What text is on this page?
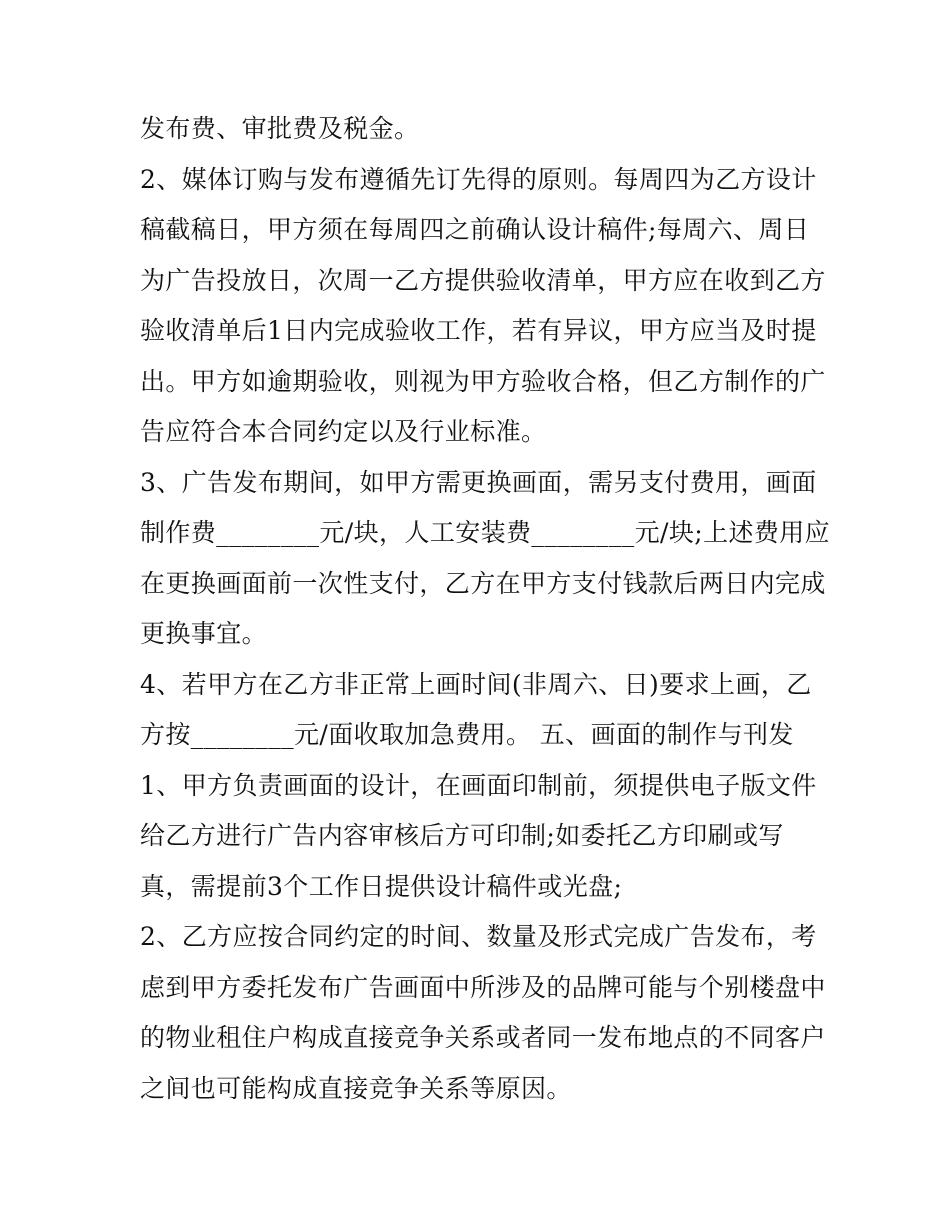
发布费、审批费及税金。
2、媒体订购与发布遵循先订先得的原则。每周四为乙方设计
稿截稿日，甲方须在每周四之前确认设计稿件;每周六、周日
为广告投放日，次周一乙方提供验收清单，甲方应在收到乙方
验收清单后1日内完成验收工作，若有异议，甲方应当及时提
出。甲方如逾期验收，则视为甲方验收合格，但乙方制作的广
告应符合本合同约定以及行业标准。
3、广告发布期间，如甲方需更换画面，需另支付费用，画面
制作费________元/块，人工安装费________元/块;上述费用应
在更换画面前一次性支付，乙方在甲方支付钱款后两日内完成
更换事宜。
4、若甲方在乙方非正常上画时间(非周六、日)要求上画，乙
方按________元/面收取加急费用。 五、画面的制作与刊发
1、甲方负责画面的设计，在画面印制前，须提供电子版文件
给乙方进行广告内容审核后方可印制;如委托乙方印刷或写
真，需提前3个工作日提供设计稿件或光盘;
2、乙方应按合同约定的时间、数量及形式完成广告发布，考
虑到甲方委托发布广告画面中所涉及的品牌可能与个别楼盘中
的物业租住户构成直接竞争关系或者同一发布地点的不同客户
之间也可能构成直接竞争关系等原因。
